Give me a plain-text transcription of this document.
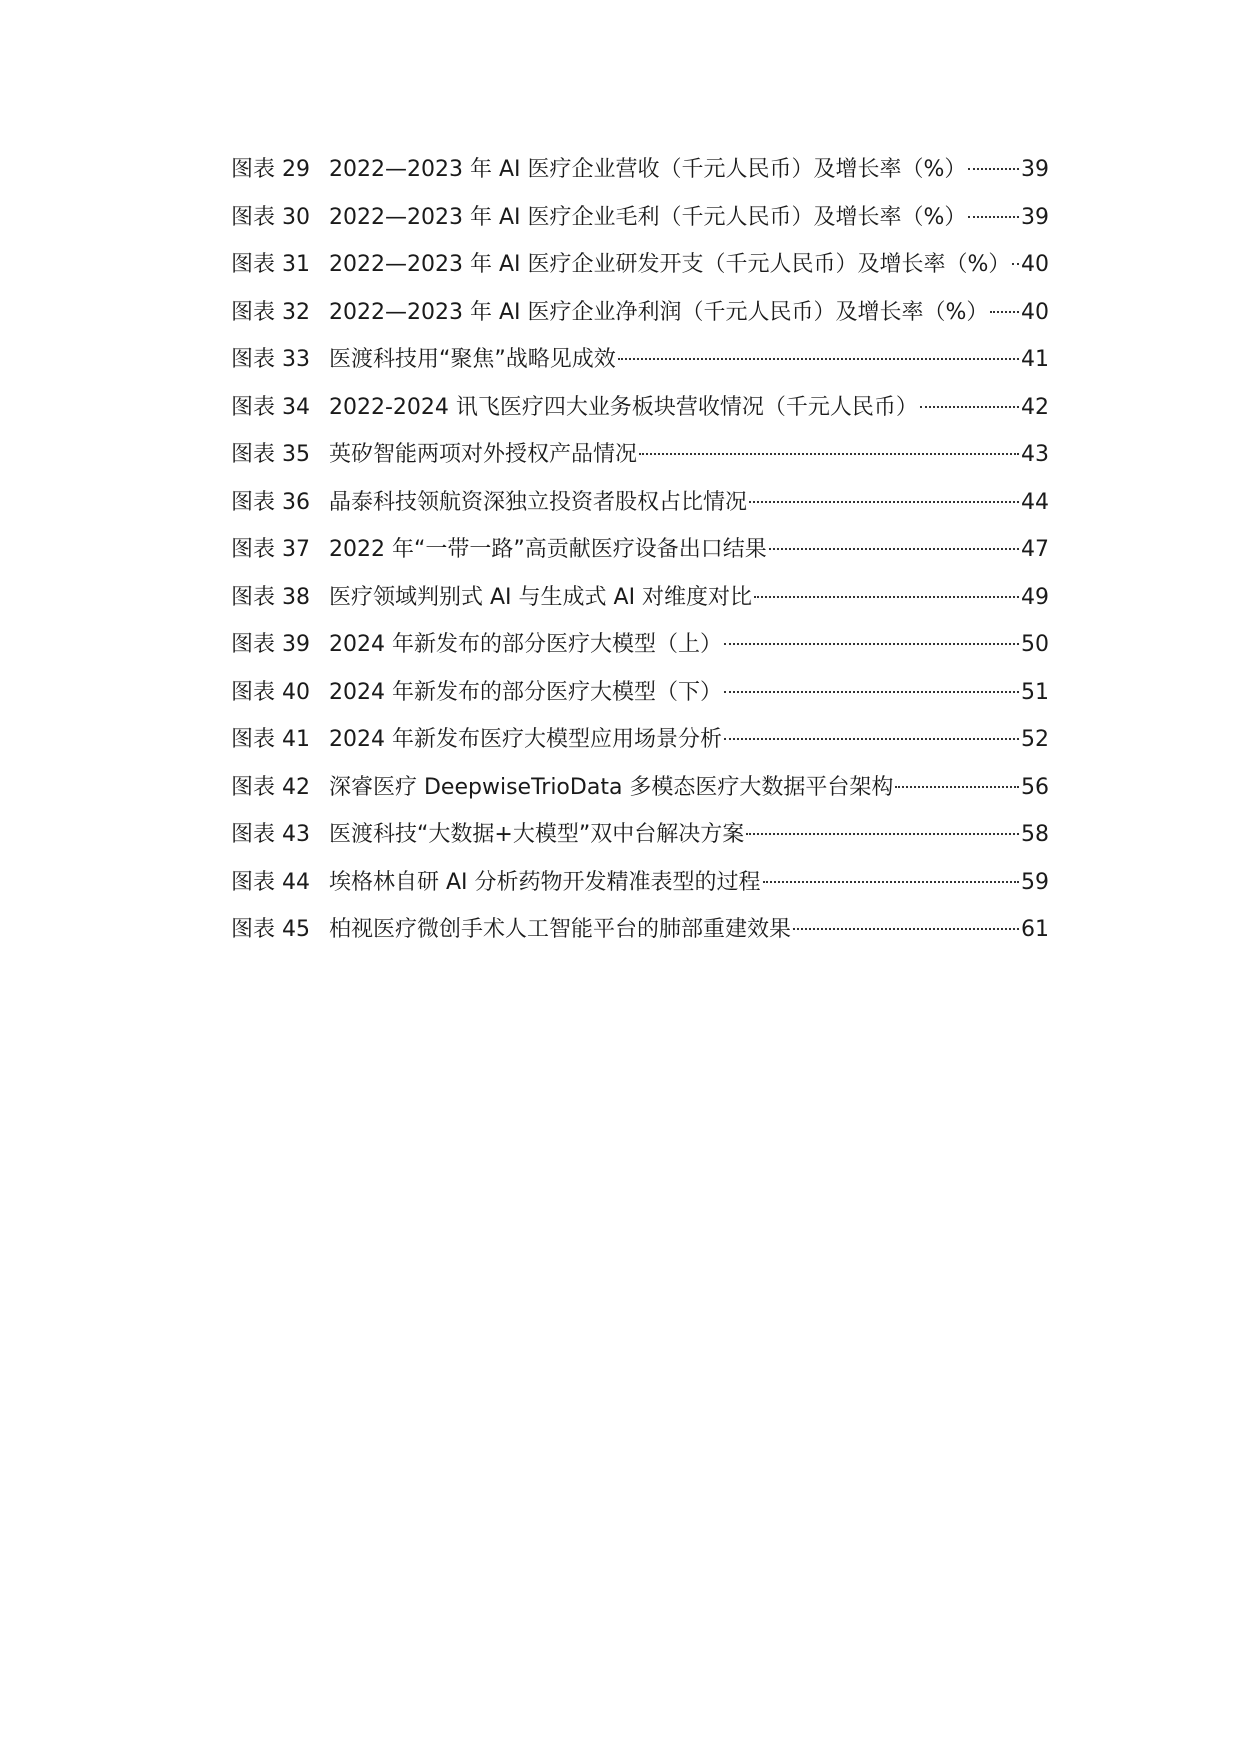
图表 29 2022—2023 年 AI 医疗企业营收（千元人民币）及增长率（%） 39
图表 30 2022—2023 年 AI 医疗企业毛利（千元人民币）及增长率（%） 39
图表 31 2022—2023 年 AI 医疗企业研发开支（千元人民币）及增长率（%） 40
图表 32 2022—2023 年 AI 医疗企业净利润（千元人民币）及增长率（%） 40
图表 33 医渡科技用“聚焦”战略见成效	41
图表 34 2022-2024 讯飞医疗四大业务板块营收情况（千元人民币）	42
图表 35 英矽智能两项对外授权产品情况	43
图表 36 晶泰科技领航资深独立投资者股权占比情况	44
图表 37 2022 年“一带一路”高贡献医疗设备出口结果	47
图表 38 医疗领域判别式 AI 与生成式 AI 对维度对比	49
图表 39 2024 年新发布的部分医疗大模型（上）	50
图表 40 2024 年新发布的部分医疗大模型（下）	51
图表 41 2024 年新发布医疗大模型应用场景分析	52
图表 42 深睿医疗 DeepwiseTrioData 多模态医疗大数据平台架构	56
图表 43 医渡科技“大数据+大模型”双中台解决方案	58
图表 44 埃格林自研 AI 分析药物开发精准表型的过程	59
图表 45 柏视医疗微创手术人工智能平台的肺部重建效果	61
